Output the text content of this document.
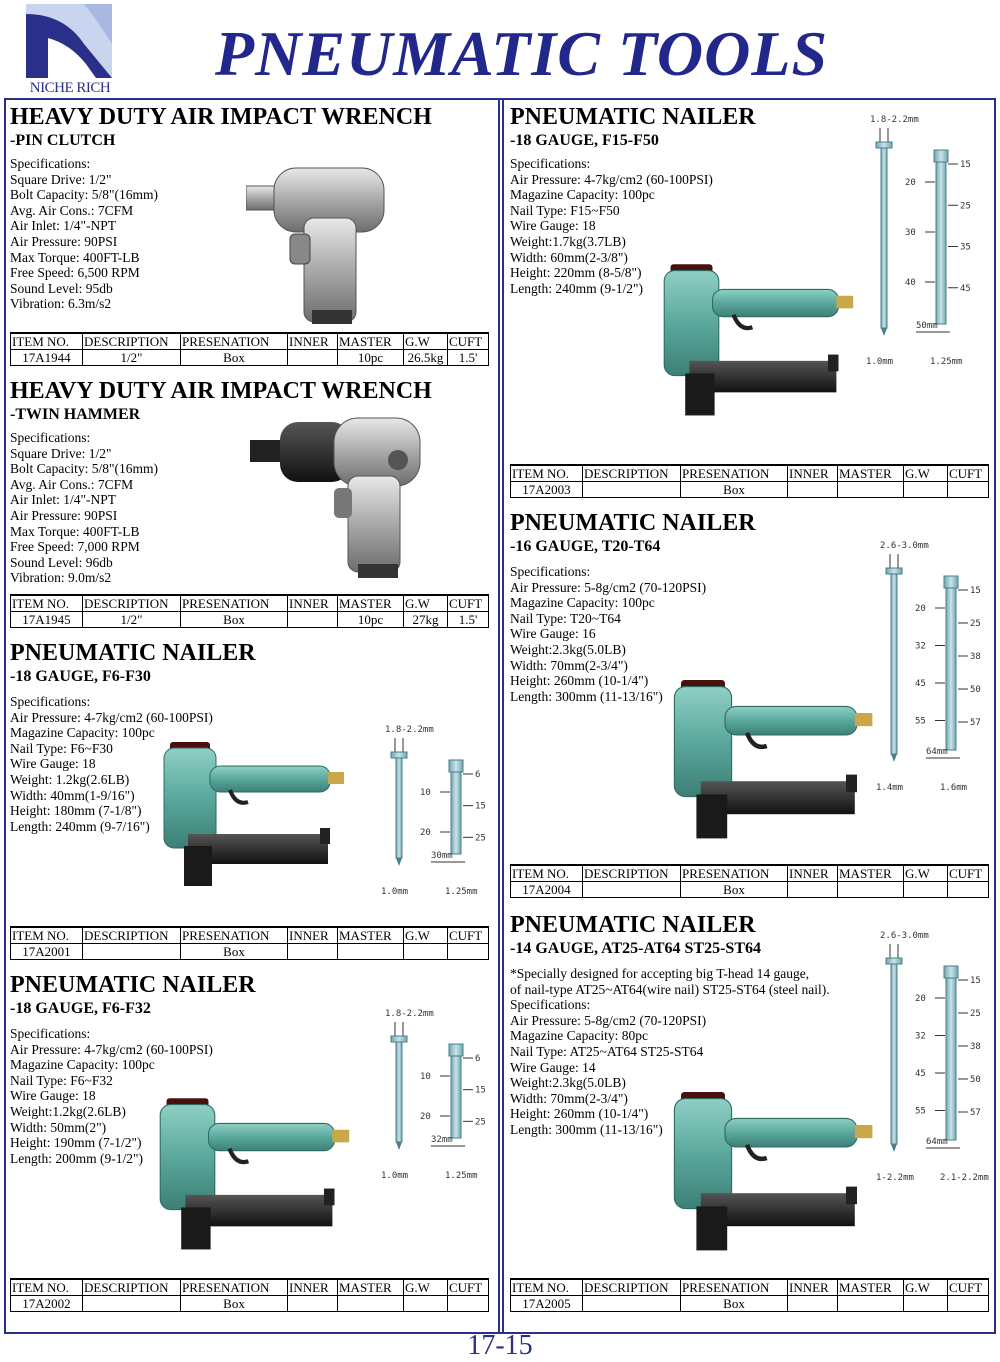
NICHE RICH PNEUMATIC TOOLS
HEAVY DUTY AIR IMPACT WRENCH
-PIN CLUTCH
Specifications:
Square Drive: 1/2"
Bolt Capacity: 5/8"(16mm)
Avg. Air Cons.: 7CFM
Air Inlet: 1/4"-NPT
Air Pressure: 90PSI
Max Torque: 400FT-LB
Free Speed: 6,500 RPM
Sound Level: 95db
Vibration: 6.3m/s2
ITEM NO.	DESCRIPTION	PRESENATION	INNER	MASTER	G.W	CUFT
17A1944	1/2"	Box		10pc	26.5kg	1.5'
HEAVY DUTY AIR IMPACT WRENCH
-TWIN HAMMER
Specifications:
Square Drive: 1/2"
Bolt Capacity: 5/8"(16mm)
Avg. Air Cons.: 7CFM
Air Inlet: 1/4"-NPT
Air Pressure: 90PSI
Max Torque: 400FT-LB
Free Speed: 7,000 RPM
Sound Level: 96db
Vibration: 9.0m/s2
ITEM NO.	DESCRIPTION	PRESENATION	INNER	MASTER	G.W	CUFT
17A1945	1/2"	Box		10pc	27kg	1.5'
PNEUMATIC NAILER
-18 GAUGE, F6-F30
Specifications:
Air Pressure: 4-7kg/cm2 (60-100PSI)
Magazine Capacity: 100pc
Nail Type: F6~F30
Wire Gauge: 18
Weight: 1.2kg(2.6LB)
Width: 40mm(1-9/16")
Height: 180mm (7-1/8")
Length: 240mm (9-7/16")
1.8-2.2mm
10
20
6
15
25
30mm
1.0mm	1.25mm
ITEM NO.	DESCRIPTION	PRESENATION	INNER	MASTER	G.W	CUFT
17A2001		Box				
PNEUMATIC NAILER
-18 GAUGE, F6-F32
Specifications:
Air Pressure: 4-7kg/cm2 (60-100PSI)
Magazine Capacity: 100pc
Nail Type: F6~F32
Wire Gauge: 18
Weight:1.2kg(2.6LB)
Width: 50mm(2")
Height: 190mm (7-1/2")
Length: 200mm (9-1/2")
1.8-2.2mm
10
20
6
15
25
32mm
1.0mm	1.25mm
ITEM NO.	DESCRIPTION	PRESENATION	INNER	MASTER	G.W	CUFT
17A2002		Box				
PNEUMATIC NAILER
-18 GAUGE, F15-F50
Specifications:
Air Pressure: 4-7kg/cm2 (60-100PSI)
Magazine Capacity: 100pc
Nail Type: F15~F50
Wire Gauge: 18
Weight:1.7kg(3.7LB)
Width: 60mm(2-3/8")
Height: 220mm (8-5/8")
Length: 240mm (9-1/2")
1.8-2.2mm
20
30
40
15
25
35
45
50mm
1.0mm	1.25mm
ITEM NO.	DESCRIPTION	PRESENATION	INNER	MASTER	G.W	CUFT
17A2003		Box				
PNEUMATIC NAILER
-16 GAUGE, T20-T64
Specifications:
Air Pressure: 5-8g/cm2 (70-120PSI)
Magazine Capacity: 100pc
Nail Type: T20~T64
Wire Gauge: 16
Weight:2.3kg(5.0LB)
Width: 70mm(2-3/4")
Height: 260mm (10-1/4")
Length: 300mm (11-13/16")
2.6-3.0mm
20
32
45
55
15
25
38
50
57
64mm
1.4mm	1.6mm
ITEM NO.	DESCRIPTION	PRESENATION	INNER	MASTER	G.W	CUFT
17A2004		Box				
PNEUMATIC NAILER
-14 GAUGE, AT25-AT64 ST25-ST64
*Specially designed for accepting big T-head 14 gauge,
of nail-type AT25~AT64(wire nail) ST25-ST64 (steel nail).
Specifications:
Air Pressure: 5-8g/cm2 (70-120PSI)
Magazine Capacity: 80pc
Nail Type: AT25~AT64 ST25-ST64
Wire Gauge: 14
Weight:2.3kg(5.0LB)
Width: 70mm(2-3/4")
Height: 260mm (10-1/4")
Length: 300mm (11-13/16")
2.6-3.0mm
20
32
45
55
15
25
38
50
57
64mm
1-2.2mm	2.1-2.2mm
ITEM NO.	DESCRIPTION	PRESENATION	INNER	MASTER	G.W	CUFT
17A2005		Box				
17-15
